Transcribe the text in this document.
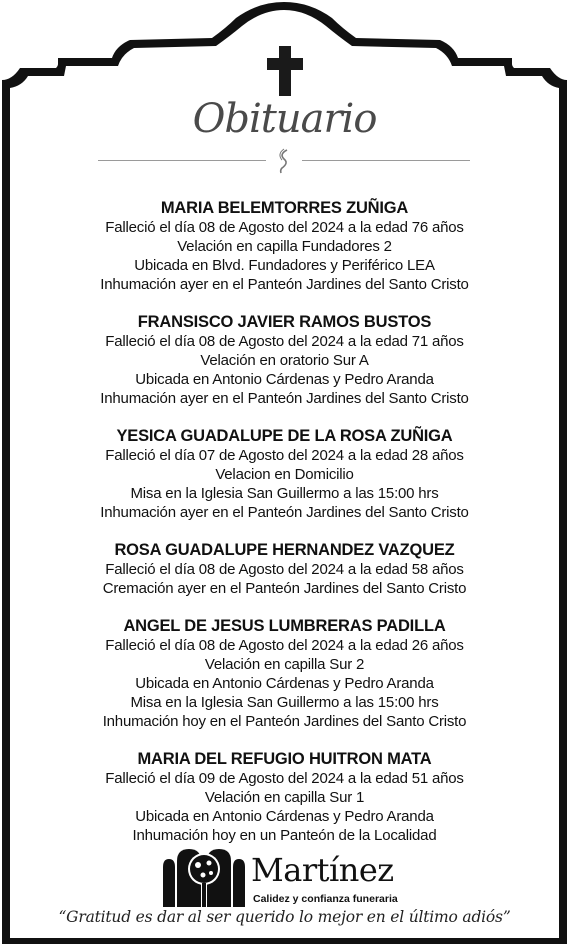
Obituario

MARIA BELEMTORRES ZUÑIGA

Falleció el día 08 de Agosto del 2024 a la edad 76 años

Velación en capilla Fundadores 2

Ubicada en Blvd. Fundadores y Periférico LEA

Inhumación ayer en el Panteón Jardines del Santo Cristo

FRANSISCO JAVIER RAMOS BUSTOS

Falleció el día 08 de Agosto del 2024 a la edad 71 años

Velación en oratorio Sur A

Ubicada en Antonio Cárdenas y Pedro Aranda

Inhumación ayer en el Panteón Jardines del Santo Cristo

YESICA GUADALUPE DE LA ROSA ZUÑIGA

Falleció el día 07 de Agosto del 2024 a la edad 28 años

Velacion en Domicilio

Misa en la Iglesia San Guillermo a las 15:00 hrs

Inhumación ayer en el Panteón Jardines del Santo Cristo

ROSA GUADALUPE HERNANDEZ VAZQUEZ

Falleció el día 08 de Agosto del 2024 a la edad 58 años

Cremación ayer en el Panteón Jardines del Santo Cristo

ANGEL DE JESUS LUMBRERAS PADILLA

Falleció el día 08 de Agosto del 2024 a la edad 26 años

Velación en capilla Sur 2

Ubicada en Antonio Cárdenas y Pedro Aranda

Misa en la Iglesia San Guillermo a las 15:00 hrs

Inhumación hoy en el Panteón Jardines del Santo Cristo

MARIA DEL REFUGIO HUITRON MATA

Falleció el día 09 de Agosto del 2024 a la edad 51 años

Velación en capilla Sur 1

Ubicada en Antonio Cárdenas y Pedro Aranda

Inhumación hoy en un Panteón de la Localidad

Martínez
Calidez y confianza funeraria
“Gratitud es dar al ser querido lo mejor en el último adiós”
